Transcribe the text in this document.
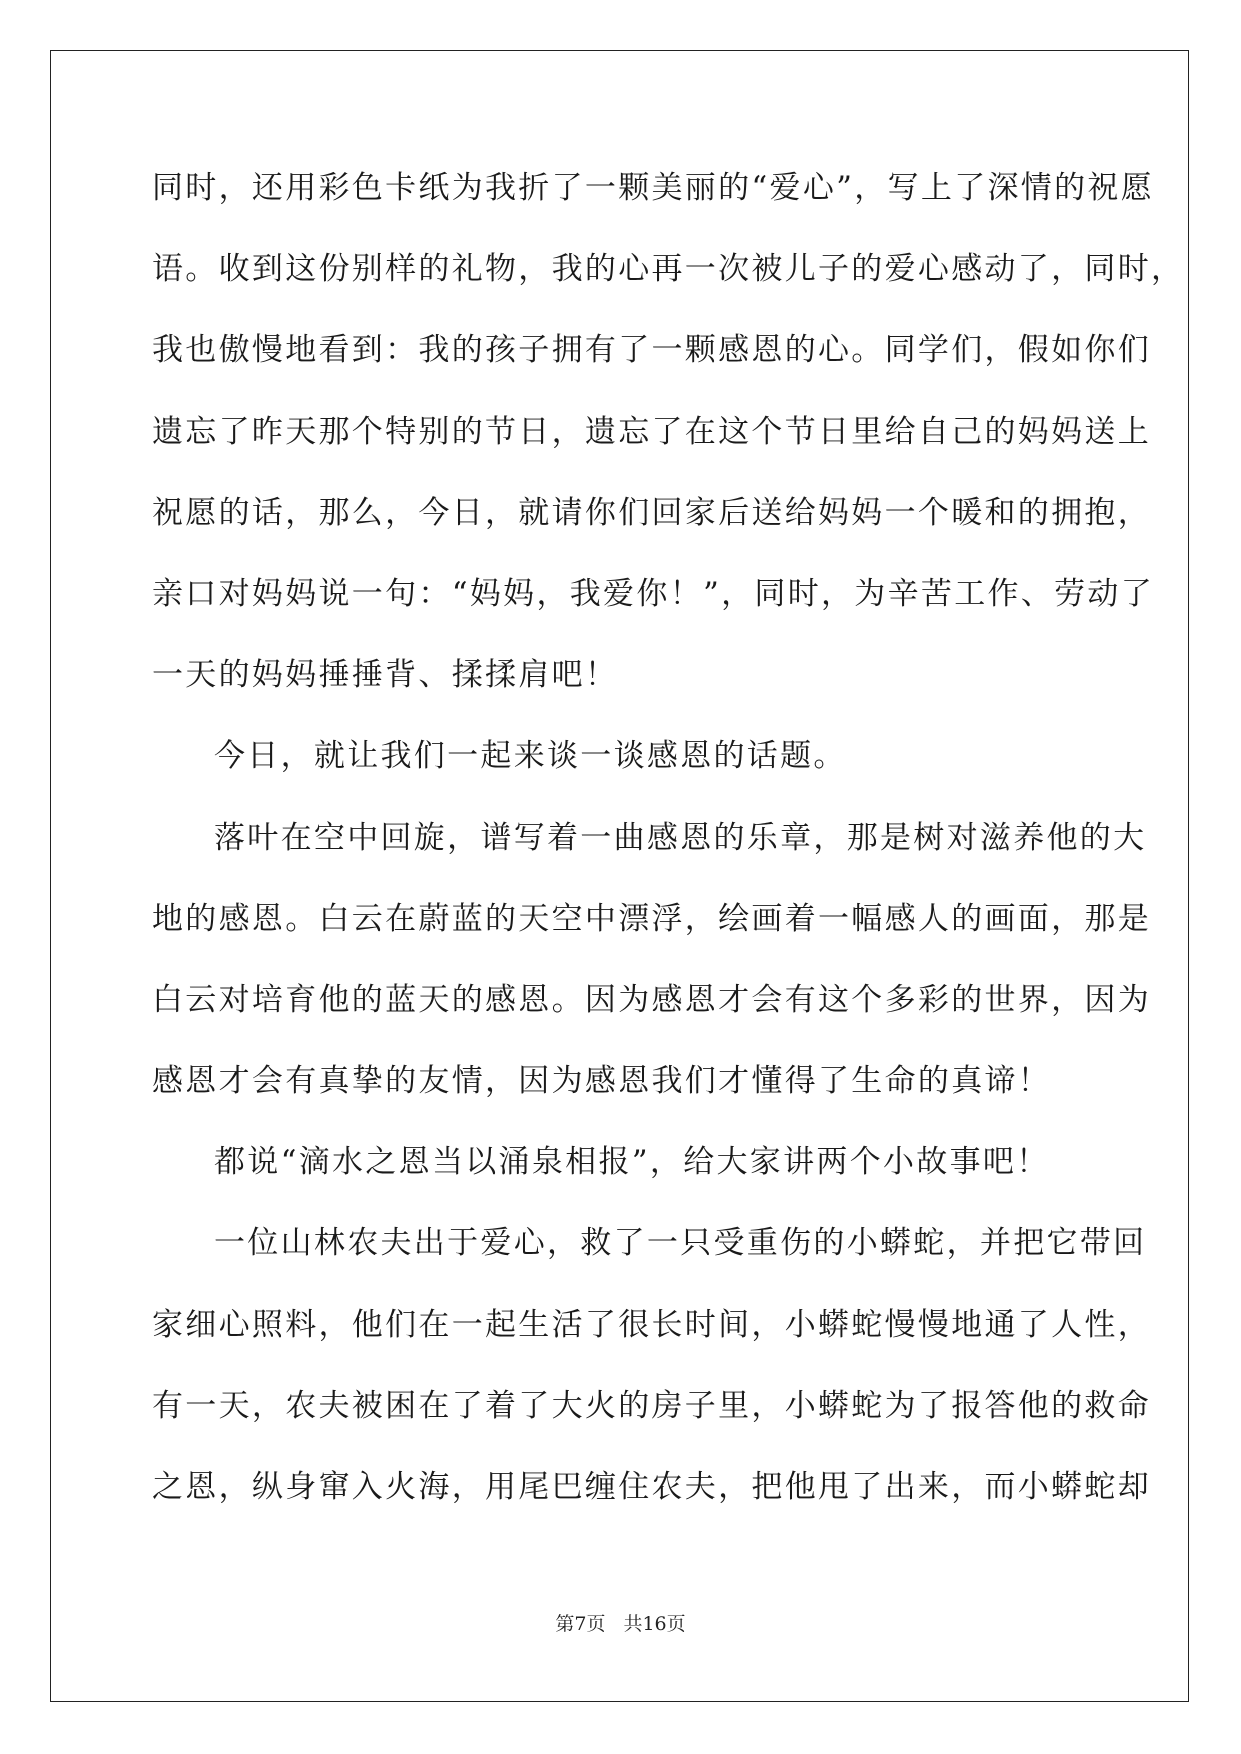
同时，还用彩色卡纸为我折了一颗美丽的“爱心”，写上了深情的祝愿
语。收到这份别样的礼物，我的心再一次被儿子的爱心感动了，同时，
我也傲慢地看到：我的孩子拥有了一颗感恩的心。同学们，假如你们
遗忘了昨天那个特别的节日，遗忘了在这个节日里给自己的妈妈送上
祝愿的话，那么，今日，就请你们回家后送给妈妈一个暖和的拥抱，
亲口对妈妈说一句：“妈妈，我爱你！”，同时，为辛苦工作、劳动了
一天的妈妈捶捶背、揉揉肩吧！
今日，就让我们一起来谈一谈感恩的话题。
落叶在空中回旋，谱写着一曲感恩的乐章，那是树对滋养他的大
地的感恩。白云在蔚蓝的天空中漂浮，绘画着一幅感人的画面，那是
白云对培育他的蓝天的感恩。因为感恩才会有这个多彩的世界，因为
感恩才会有真挚的友情，因为感恩我们才懂得了生命的真谛！
都说“滴水之恩当以涌泉相报”，给大家讲两个小故事吧！
一位山林农夫出于爱心，救了一只受重伤的小蟒蛇，并把它带回
家细心照料，他们在一起生活了很长时间，小蟒蛇慢慢地通了人性，
有一天，农夫被困在了着了大火的房子里，小蟒蛇为了报答他的救命
之恩，纵身窜入火海，用尾巴缠住农夫，把他甩了出来，而小蟒蛇却
第7页 共16页
